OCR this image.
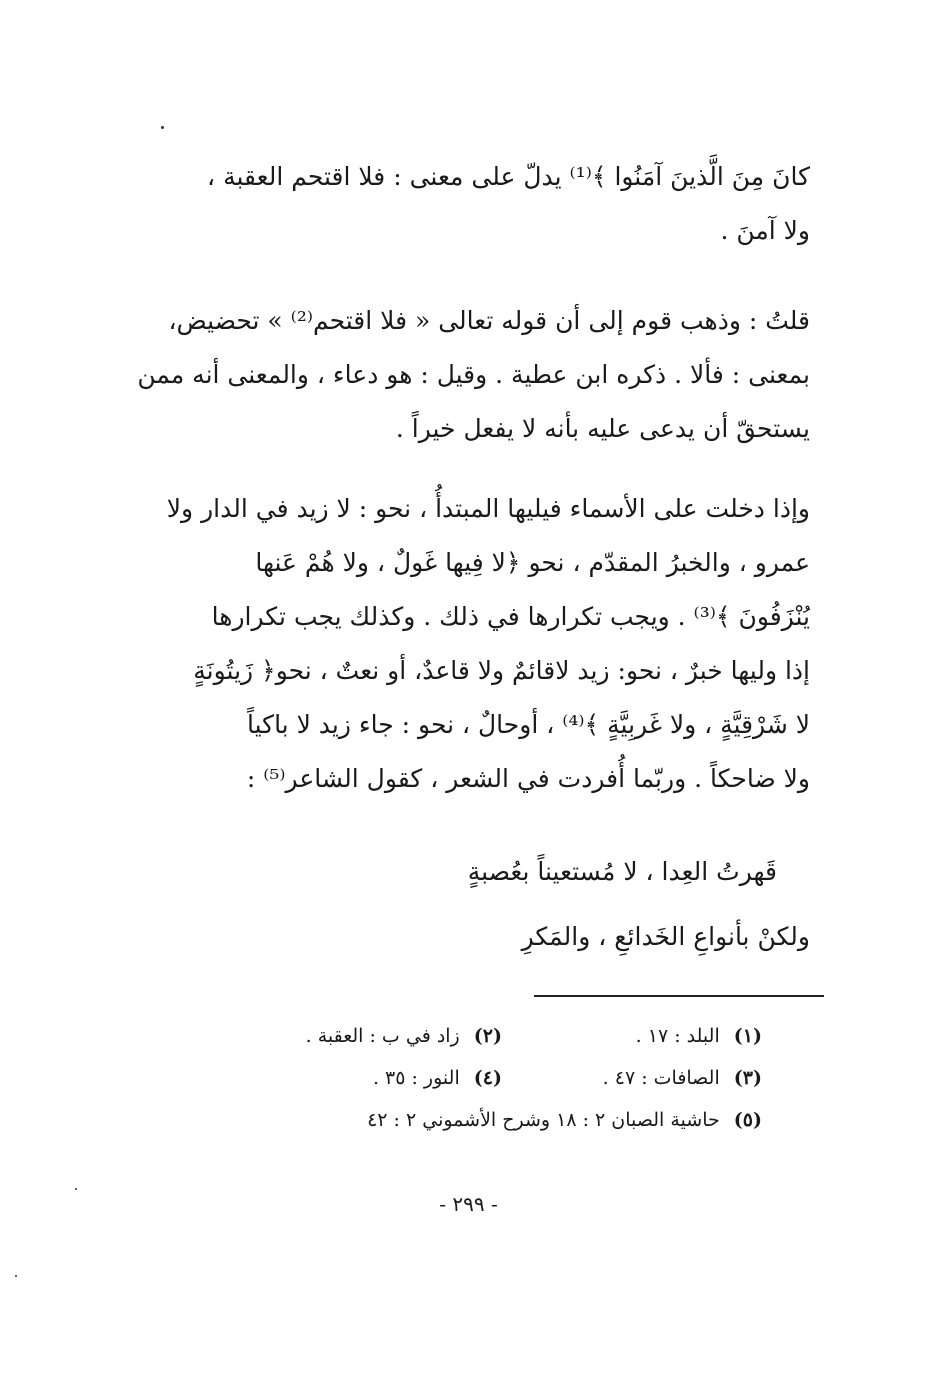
كانَ مِنَ الَّذينَ آمَنُوا ﴾⁽¹⁾ يدلّ على معنى : فلا اقتحم العقبة ،
ولا آمنَ .
قلتُ : وذهب قوم إلى أن قوله تعالى « فلا اقتحم⁽²⁾ » تحضيض،
بمعنى : فألا . ذكره ابن عطية . وقيل : هو دعاء ، والمعنى أنه ممن
يستحقّ أن يدعى عليه بأنه لا يفعل خيراً .
وإذا دخلت على الأسماء فيليها المبتدأُ ، نحو : لا زيد في الدار ولا
عمرو ، والخبرُ المقدّم ، نحو ﴿لا فِيها غَولٌ ، ولا هُمْ عَنها
يُنْزَفُونَ ﴾⁽³⁾ . ويجب تكرارها في ذلك . وكذلك يجب تكرارها
إذا وليها خبرٌ ، نحو: زيد لاقائمٌ ولا قاعدٌ، أو نعتٌ ، نحو﴿ زَيتُونَةٍ
لا شَرْقِيَّةٍ ، ولا غَربِيَّةٍ ﴾⁽⁴⁾ ، أوحالٌ ، نحو : جاء زيد لا باكياً
ولا ضاحكاً . وربّما أُفردت في الشعر ، كقول الشاعر⁽⁵⁾ :
قَهرتُ العِدا ، لا مُستعيناً بعُصبةٍ
ولكنْ بأنواعِ الخَدائعِ ، والمَكرِ
(١) البلد : ١٧ .
(٢) زاد في ب : العقبة .
(٣) الصافات : ٤٧ .
(٤) النور : ٣٥ .
(٥) حاشية الصبان ٢ : ١٨ وشرح الأشموني ٢ : ٤٢
- ٢٩٩ -
